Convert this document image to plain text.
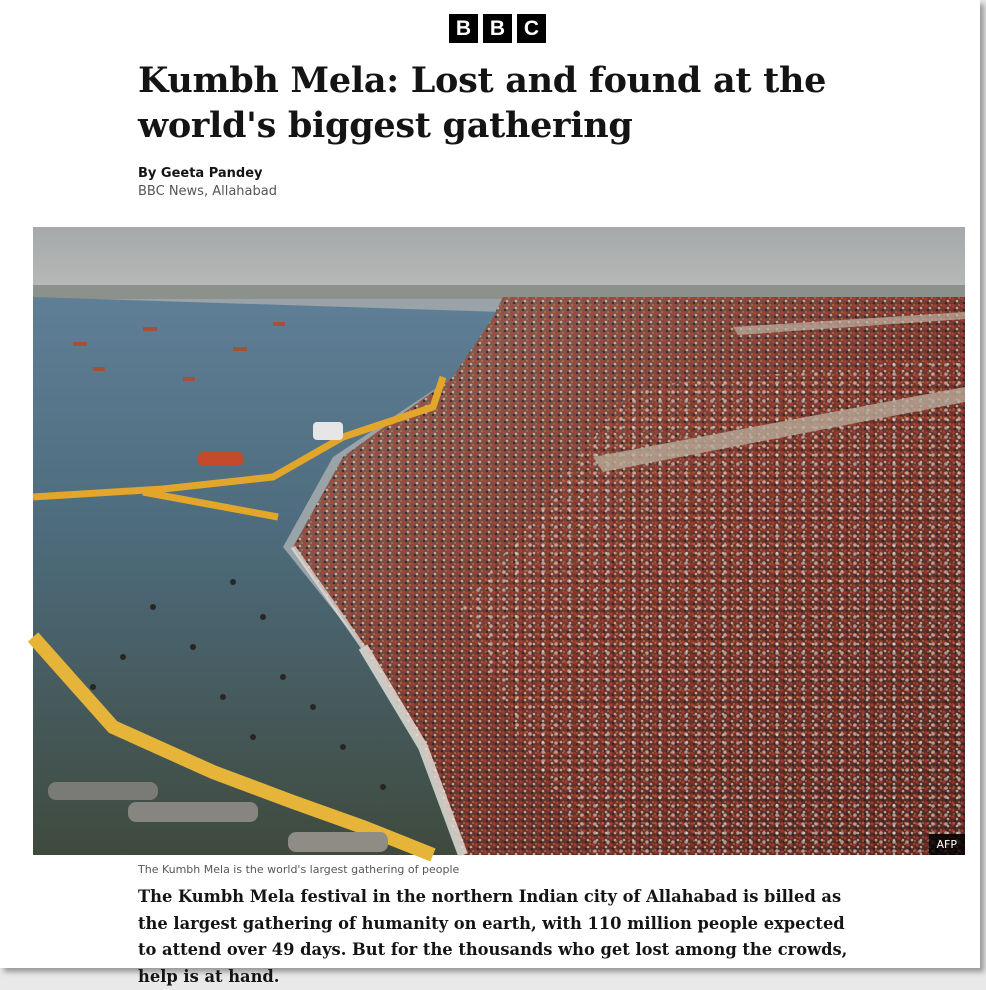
B B C
Kumbh Mela: Lost and found at the world's biggest gathering
By Geeta Pandey
BBC News, Allahabad
AFP
The Kumbh Mela is the world's largest gathering of people

The Kumbh Mela festival in the northern Indian city of Allahabad is billed as the largest gathering of humanity on earth, with 110 million people expected to attend over 49 days. But for the thousands who get lost among the crowds, help is at hand.
